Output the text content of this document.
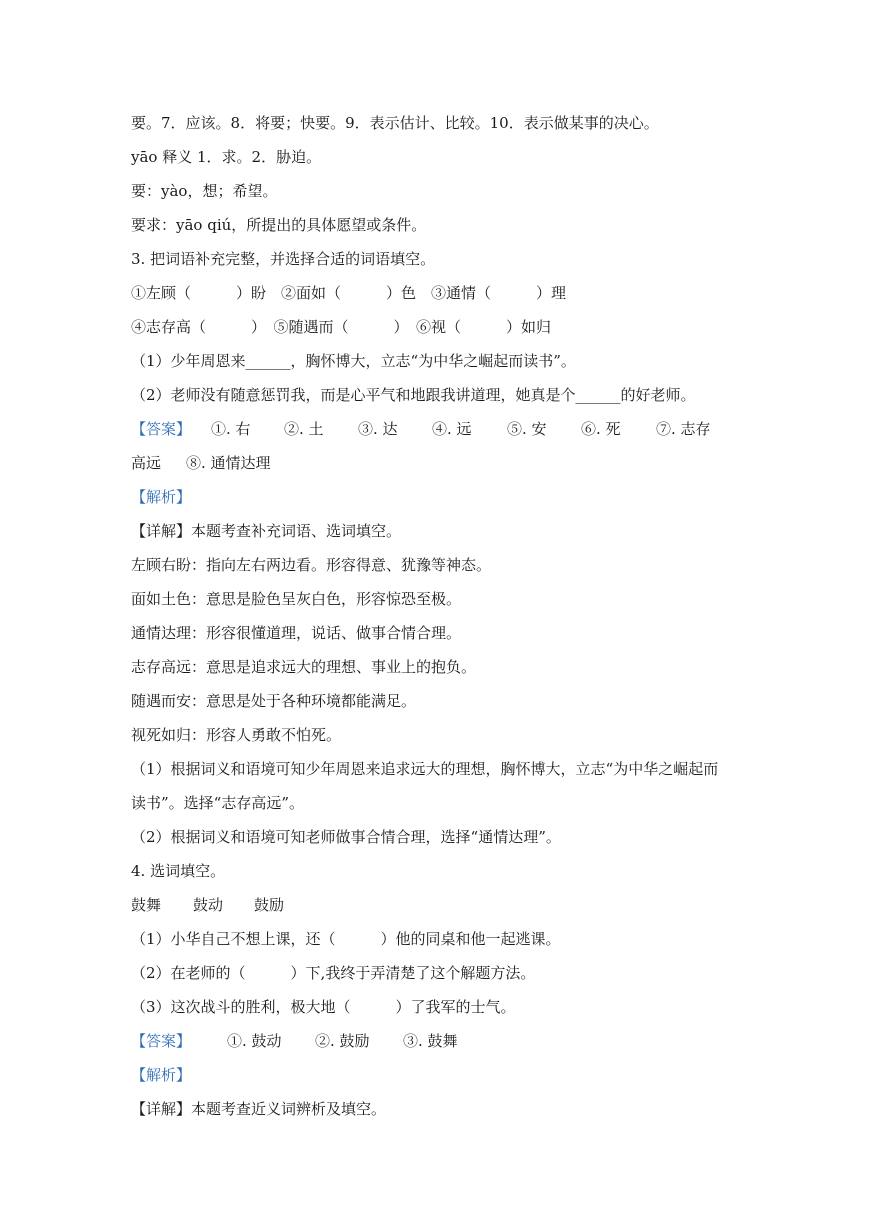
要。7．应该。8．将要；快要。9．表示估计、比较。10．表示做某事的决心。
yāo 释义 1．求。2．胁迫。
要：yào，想；希望。
要求：yāo qiú，所提出的具体愿望或条件。
3. 把词语补充完整，并选择合适的词语填空。
①左顾（　　　）盼　②面如（　　　）色　③通情（　　　）理
④志存高（　　　）　⑤随遇而（　　　）　⑥视（　　　）如归
（1）少年周恩来______，胸怀博大，立志“为中华之崛起而读书”。
（2）老师没有随意惩罚我，而是心平气和地跟我讲道理，她真是个______的好老师。
【答案】 ①. 右 ②. 土 ③. 达 ④. 远 ⑤. 安 ⑥. 死 ⑦. 志存
高远 ⑧. 通情达理
【解析】
【详解】本题考查补充词语、选词填空。
左顾右盼：指向左右两边看。形容得意、犹豫等神态。
面如土色：意思是脸色呈灰白色，形容惊恐至极。
通情达理：形容很懂道理，说话、做事合情合理。
志存高远：意思是追求远大的理想、事业上的抱负。
随遇而安：意思是处于各种环境都能满足。
视死如归：形容人勇敢不怕死。
（1）根据词义和语境可知少年周恩来追求远大的理想，胸怀博大，立志“为中华之崛起而
读书”。选择“志存高远”。
（2）根据词义和语境可知老师做事合情合理，选择“通情达理”。
4. 选词填空。
鼓舞 鼓动 鼓励
（1）小华自己不想上课，还（　　　）他的同桌和他一起逃课。
（2）在老师的（　　　）下,我终于弄清楚了这个解题方法。
（3）这次战斗的胜利，极大地（　　　）了我军的士气。
【答案】 ①. 鼓动 ②. 鼓励 ③. 鼓舞
【解析】
【详解】本题考查近义词辨析及填空。
